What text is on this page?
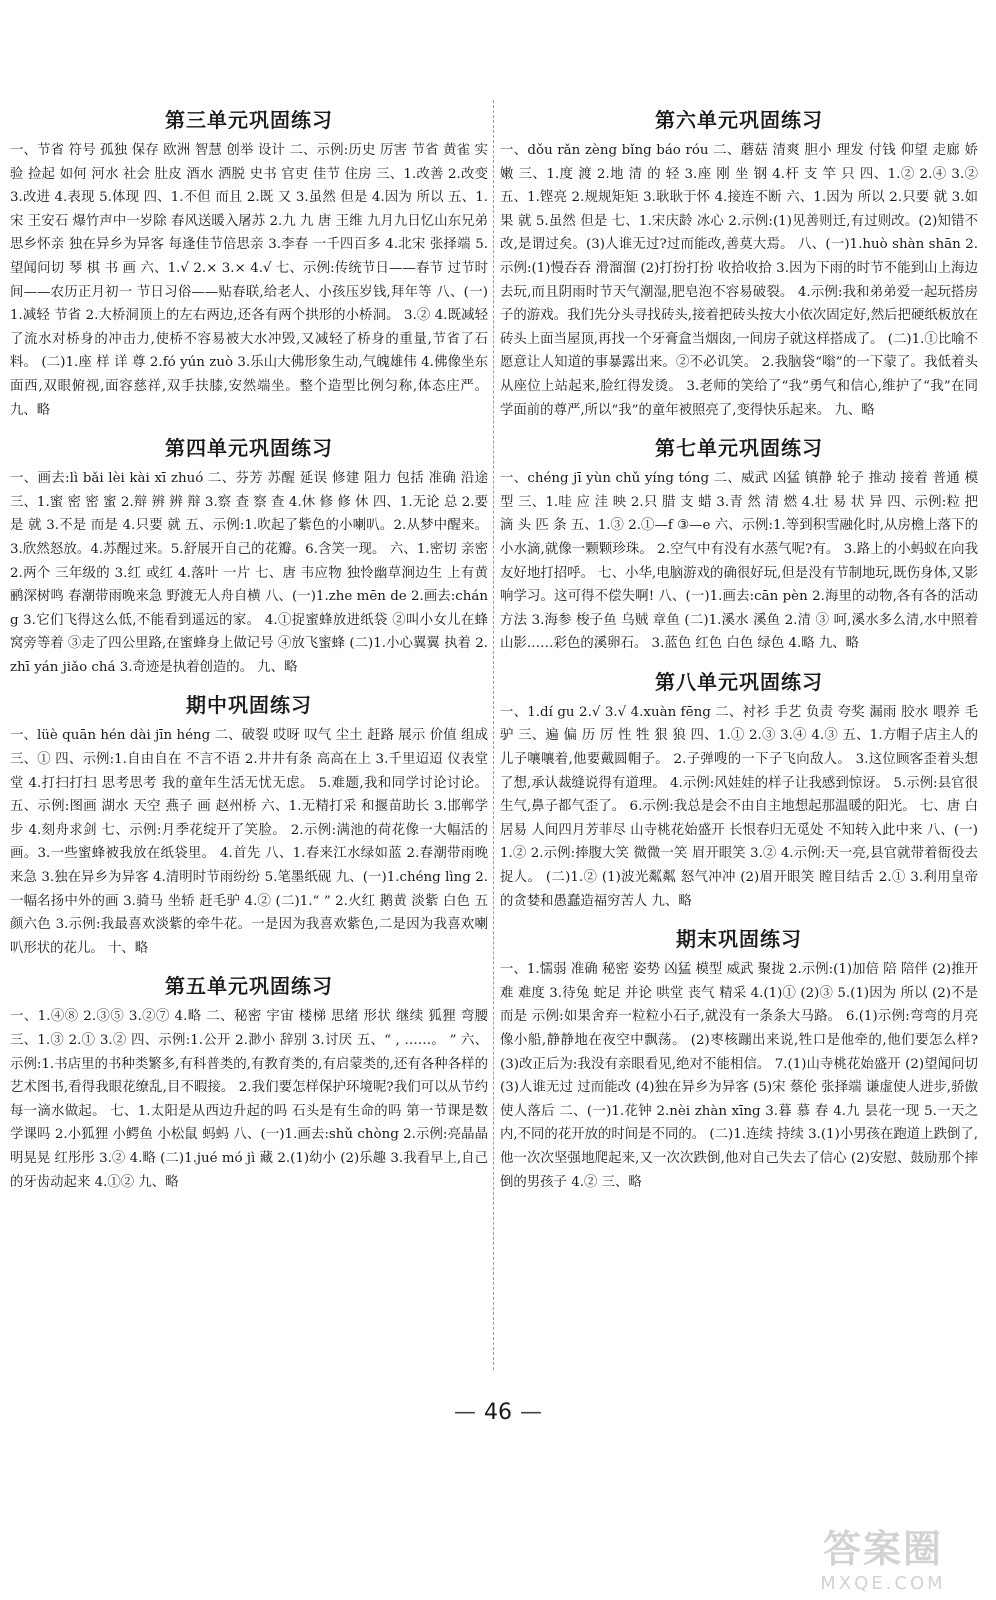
第三单元巩固练习
一、节省 符号 孤独 保存 欧洲 智慧 创举 设计 二、示例:历史 厉害 节省 黄雀 实验 捡起 如何 河水 社会 肚皮 酒水 洒脱 史书 官吏 佳节 住房 三、1.改善 2.改变 3.改进 4.表现 5.体现 四、1.不但 而且 2.既 又 3.虽然 但是 4.因为 所以 五、1.宋 王安石 爆竹声中一岁除 春风送暖入屠苏 2.九 九 唐 王维 九月九日忆山东兄弟 思乡怀亲 独在异乡为异客 每逢佳节倍思亲 3.李春 一千四百多 4.北宋 张择端 5.望闻问切 琴 棋 书 画 六、1.√ 2.× 3.× 4.√ 七、示例:传统节日——春节 过节时间——农历正月初一 节日习俗——贴春联,给老人、小孩压岁钱,拜年等 八、(一)1.减轻 节省 2.大桥洞顶上的左右两边,还各有两个拱形的小桥洞。 3.② 4.既减轻了流水对桥身的冲击力,使桥不容易被大水冲毁,又减轻了桥身的重量,节省了石料。 (二)1.座 样 详 尊 2.fó yún zuò 3.乐山大佛形象生动,气魄雄伟 4.佛像坐东面西,双眼俯视,面容慈祥,双手扶膝,安然端坐。整个造型比例匀称,体态庄严。 九、略
第四单元巩固练习
一、画去:lì bǎi lèi kài xī zhuó 二、芬芳 苏醒 延误 修建 阻力 包括 准确 沿途 三、1.蜜 密 密 蜜 2.辩 辨 辨 辩 3.察 查 察 查 4.休 修 修 休 四、1.无论 总 2.要是 就 3.不是 而是 4.只要 就 五、示例:1.吹起了紫色的小喇叭。2.从梦中醒来。3.欣然怒放。4.苏醒过来。5.舒展开自己的花瓣。6.含笑一现。 六、1.密切 亲密 2.两个 三年级的 3.红 或红 4.落叶 一片 七、唐 韦应物 独怜幽草涧边生 上有黄鹂深树鸣 春潮带雨晚来急 野渡无人舟自横 八、(一)1.zhe mēn de 2.画去:cháng 3.它们飞得这么低,不能看到遥远的家。 4.①捉蜜蜂放进纸袋 ②叫小女儿在蜂窝旁等着 ③走了四公里路,在蜜蜂身上做记号 ④放飞蜜蜂 (二)1.小心翼翼 执着 2.zhī yán jiǎo chá 3.奇迹是执着创造的。 九、略
期中巩固练习
一、lüè quān hén dài jīn héng 二、破裂 哎呀 叹气 尘土 赶路 展示 价值 组成 三、① 四、示例:1.自由自在 不言不语 2.井井有条 高高在上 3.千里迢迢 仪表堂堂 4.打扫打扫 思考思考 我的童年生活无忧无虑。 5.难题,我和同学讨论讨论。 五、示例:图画 湖水 天空 燕子 画 赵州桥 六、1.无精打采 和揠苗助长 3.邯郸学步 4.刻舟求剑 七、示例:月季花绽开了笑脸。 2.示例:满池的荷花像一大幅活的画。3.一些蜜蜂被我放在纸袋里。 4.首先 八、1.春来江水绿如蓝 2.春潮带雨晚来急 3.独在异乡为异客 4.清明时节雨纷纷 5.笔墨纸砚 九、(一)1.chéng lìng 2.一幅名扬中外的画 3.骑马 坐轿 赶毛驴 4.② (二)1.“ ” 2.火红 鹅黄 淡紫 白色 五颜六色 3.示例:我最喜欢淡紫的牵牛花。一是因为我喜欢紫色,二是因为我喜欢喇叭形状的花儿。 十、略
第五单元巩固练习
一、1.④⑧ 2.③⑤ 3.②⑦ 4.略 二、秘密 宇宙 楼梯 思绪 形状 继续 狐狸 弯腰 三、1.③ 2.① 3.② 四、示例:1.公开 2.渺小 辞别 3.讨厌 五、“ , ……。 ” 六、示例:1.书店里的书种类繁多,有科普类的,有教育类的,有启蒙类的,还有各种各样的艺术图书,看得我眼花缭乱,目不暇接。 2.我们要怎样保护环境呢?我们可以从节约每一滴水做起。 七、1.太阳是从西边升起的吗 石头是有生命的吗 第一节课是数学课吗 2.小狐狸 小鳄鱼 小松鼠 蚂蚂 八、(一)1.画去:shǔ chòng 2.示例:亮晶晶 明晃晃 红彤彤 3.② 4.略 (二)1.jué mó jì 藏 2.(1)幼小 (2)乐趣 3.我看早上,自己的牙齿动起来 4.①② 九、略
第六单元巩固练习
一、dǒu rǎn zèng bǐng báo róu 二、蘑菇 清爽 胆小 理发 付钱 仰望 走廊 娇嫩 三、1.度 渡 2.地 清 的 轻 3.座 刚 坐 钢 4.杆 支 竿 只 四、1.② 2.④ 3.② 五、1.铿亮 2.规规矩矩 3.耿耿于怀 4.接连不断 六、1.因为 所以 2.只要 就 3.如果 就 5.虽然 但是 七、1.宋庆龄 冰心 2.示例:(1)见善则迁,有过则改。(2)知错不改,是谓过矣。(3)人谁无过?过而能改,善莫大焉。 八、(一)1.huò shàn shān 2.示例:(1)慢吞吞 滑溜溜 (2)打扮打扮 收拾收拾 3.因为下雨的时节不能到山上海边去玩,而且阴雨时节天气潮湿,肥皂泡不容易破裂。 4.示例:我和弟弟爱一起玩搭房子的游戏。我们先分头寻找砖头,接着把砖头按大小依次固定好,然后把硬纸板放在砖头上面当屋顶,再找一个牙膏盒当烟囱,一间房子就这样搭成了。 (二)1.①比喻不愿意让人知道的事暴露出来。②不必讥笑。 2.我脑袋“嗡”的一下蒙了。我低着头从座位上站起来,脸红得发烫。 3.老师的笑给了“我”勇气和信心,维护了“我”在同学面前的尊严,所以“我”的童年被照亮了,变得快乐起来。 九、略
第七单元巩固练习
一、chéng jī yùn chǔ yíng tóng 二、威武 凶猛 镇静 轮子 推动 接着 普通 模型 三、1.哇 应 洼 映 2.只 腊 支 蜡 3.青 然 清 燃 4.壮 易 状 异 四、示例:粒 把 滴 头 匹 条 五、1.③ 2.①—f ③—e 六、示例:1.等到积雪融化时,从房檐上落下的小水滴,就像一颗颗珍珠。 2.空气中有没有水蒸气呢?有。 3.路上的小蚂蚁在向我友好地打招呼。 七、小华,电脑游戏的确很好玩,但是没有节制地玩,既伤身体,又影响学习。这可得不偿失啊! 八、(一)1.画去:cān pèn 2.海里的动物,各有各的活动方法 3.海参 梭子鱼 乌贼 章鱼 (二)1.溪水 溪鱼 2.清 ③ 呵,溪水多么清,水中照着山影……彩色的溪卵石。 3.蓝色 红色 白色 绿色 4.略 九、略
第八单元巩固练习
一、1.dí gu 2.√ 3.√ 4.xuàn fēng 二、衬衫 手艺 负责 夸奖 漏雨 胶水 喂养 毛驴 三、遍 偏 历 厉 性 牲 狠 狼 四、1.① 2.③ 3.④ 4.③ 五、1.方帽子店主人的儿子嚷嚷着,他要戴圆帽子。 2.子弹嗖的一下子飞向敌人。 3.这位顾客歪着头想了想,承认裁缝说得有道理。 4.示例:风娃娃的样子让我感到惊讶。 5.示例:县官很生气,鼻子都气歪了。 6.示例:我总是会不由自主地想起那温暖的阳光。 七、唐 白居易 人间四月芳菲尽 山寺桃花始盛开 长恨春归无觅处 不知转入此中来 八、(一)1.② 2.示例:捧腹大笑 微微一笑 眉开眼笑 3.② 4.示例:天一亮,县官就带着衙役去捉人。 (二)1.② (1)波光粼粼 怒气冲冲 (2)眉开眼笑 瞠目结舌 2.① 3.利用皇帝的贪婪和愚蠢造福穷苦人 九、略
期末巩固练习
一、1.懦弱 准确 秘密 姿势 凶猛 模型 威武 聚拢 2.示例:(1)加倍 陪 陪伴 (2)推开 难 难度 3.待兔 蛇足 并论 哄堂 丧气 精采 4.(1)① (2)③ 5.(1)因为 所以 (2)不是 而是 示例:如果舍弃一粒粒小石子,就没有一条条大马路。 6.(1)示例:弯弯的月亮像小船,静静地在夜空中飘荡。 (2)枣核蹦出来说,牲口是他牵的,他们要怎么样? (3)改正后为:我没有亲眼看见,绝对不能相信。 7.(1)山寺桃花始盛开 (2)望闻问切 (3)人谁无过 过而能改 (4)独在异乡为异客 (5)宋 蔡伦 张择端 谦虚使人进步,骄傲使人落后 二、(一)1.花钟 2.nèi zhàn xīng 3.暮 慕 春 4.九 昙花一现 5.一天之内,不同的花开放的时间是不同的。 (二)1.连续 持续 3.(1)小男孩在跑道上跌倒了,他一次次坚强地爬起来,又一次次跌倒,他对自己失去了信心 (2)安慰、鼓励那个摔倒的男孩子 4.② 三、略
— 46 —
答案圈
MXQE.COM
